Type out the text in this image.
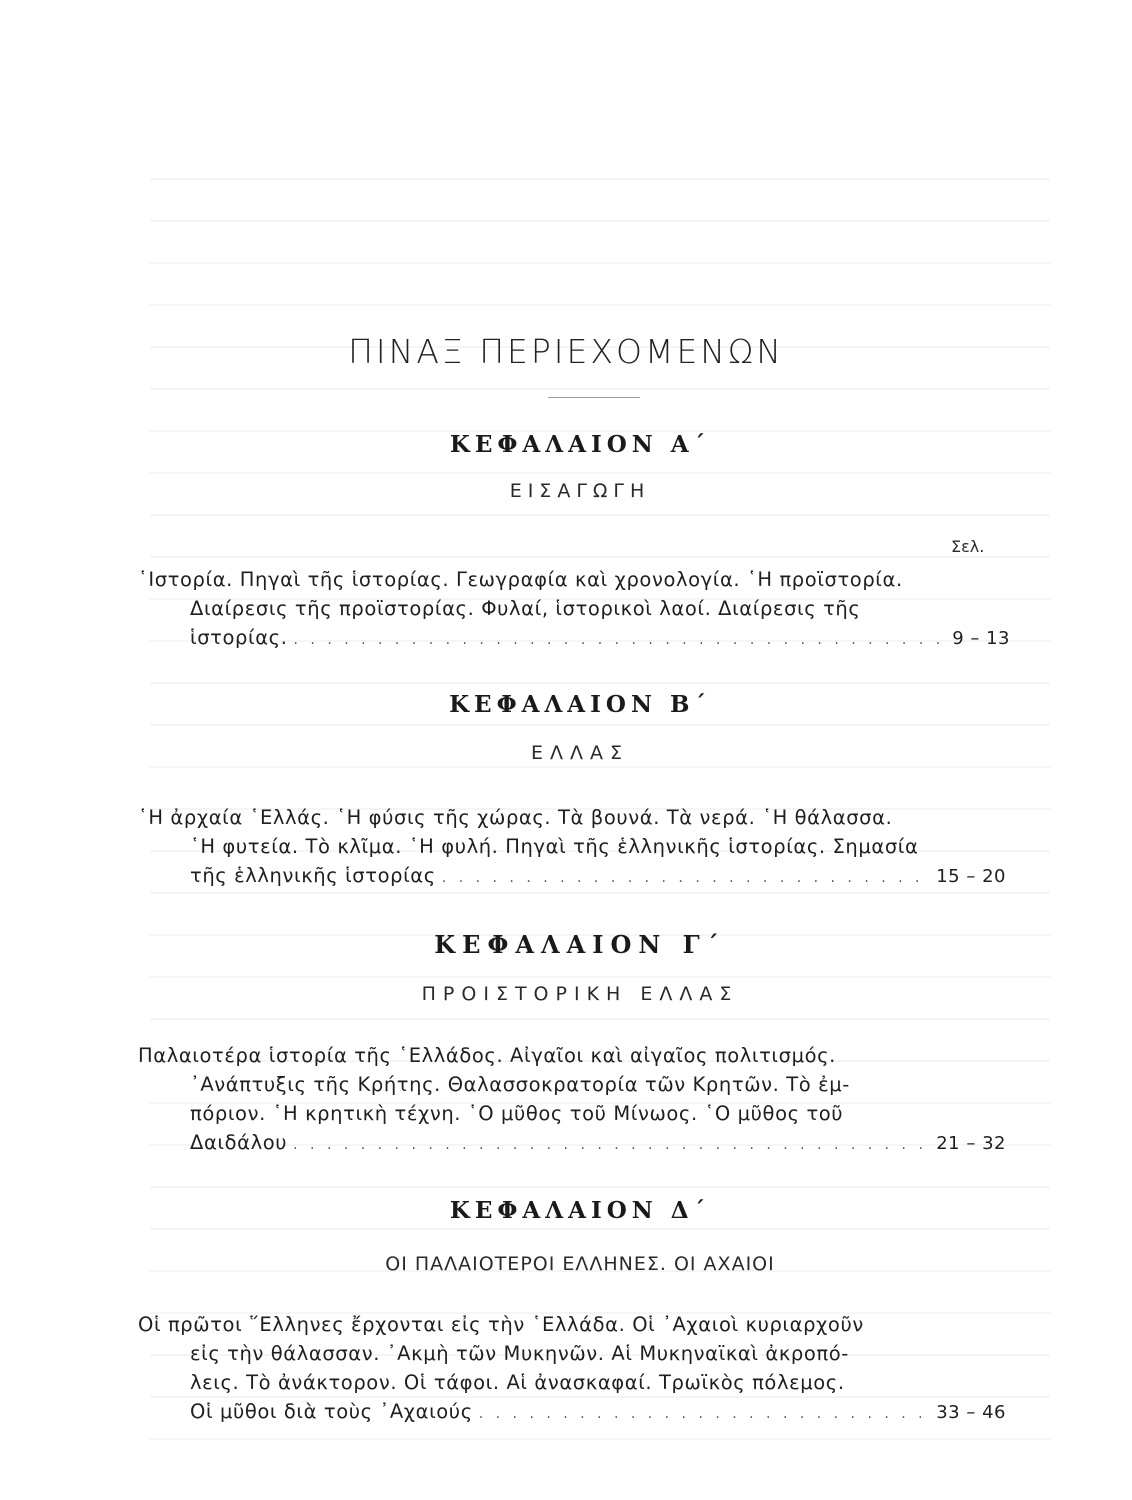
ΠΙΝΑΞ ΠΕΡΙΕΧΟΜΕΝΩΝ
ΚΕΦΑΛΑΙΟΝ Α΄
ΕΙΣΑΓΩΓΗ
Σελ.
῾Ιστορία. Πηγαὶ τῆς ἱστορίας. Γεωγραφία καὶ χρονολογία. ῾Η προϊστορία.
Διαίρεσις τῆς προϊστορίας. Φυλαί, ἱστορικοὶ λαοί. Διαίρεσις τῆς
ἱστορίας. . . .	9 – 13
ΚΕΦΑΛΑΙΟΝ Β΄
ΕΛΛΑΣ
῾Η ἀρχαία ῾Ελλάς. ῾Η φύσις τῆς χώρας. Τὰ βουνά. Τὰ νερά. ῾Η θάλασσα.
῾Η φυτεία. Τὸ κλῖμα. ῾Η φυλή. Πηγαὶ τῆς ἑλληνικῆς ἱστορίας. Σημασία
τῆς ἑλληνικῆς ἱστορίας . . .	15 – 20
ΚΕΦΑΛΑΙΟΝ Γ΄
ΠΡΟΙΣΤΟΡΙΚΗ ΕΛΛΑΣ
Παλαιοτέρα ἱστορία τῆς ῾Ελλάδος. Αἰγαῖοι καὶ αἰγαῖος πολιτισμός.
᾿Ανάπτυξις τῆς Κρήτης. Θαλασσοκρατορία τῶν Κρητῶν. Τὸ ἐμ-
πόριον. ῾Η κρητικὴ τέχνη. ῾Ο μῦθος τοῦ Μίνωος. ῾Ο μῦθος τοῦ
Δαιδάλου . . .	21 – 32
ΚΕΦΑΛΑΙΟΝ Δ΄
ΟΙ ΠΑΛΑΙΟΤΕΡΟΙ ΕΛΛΗΝΕΣ. ΟΙ ΑΧΑΙΟΙ
Οἱ πρῶτοι ῞Ελληνες ἔρχονται εἰς τὴν ῾Ελλάδα. Οἱ ᾿Αχαιοὶ κυριαρχοῦν
εἰς τὴν θάλασσαν. ᾿Ακμὴ τῶν Μυκηνῶν. Αἱ Μυκηναϊκαὶ ἀκροπό-
λεις. Τὸ ἀνάκτορον. Οἱ τάφοι. Αἱ ἀνασκαφαί. Τρωϊκὸς πόλεμος.
Οἱ μῦθοι διὰ τοὺς ᾿Αχαιούς . . .	33 – 46
